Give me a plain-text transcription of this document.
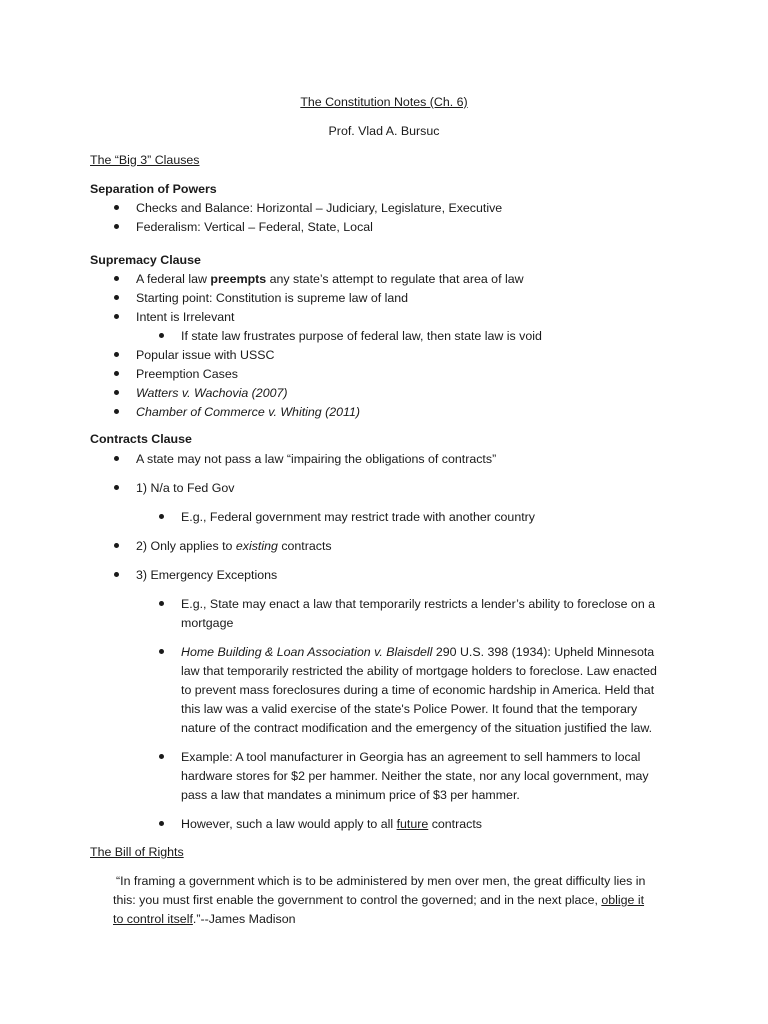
The Constitution Notes (Ch. 6)
Prof. Vlad A. Bursuc
The “Big 3” Clauses
Separation of Powers
Checks and Balance: Horizontal – Judiciary, Legislature, Executive
Federalism: Vertical – Federal, State, Local
Supremacy Clause
A federal law preempts any state’s attempt to regulate that area of law
Starting point: Constitution is supreme law of land
Intent is Irrelevant
If state law frustrates purpose of federal law, then state law is void
Popular issue with USSC
Preemption Cases
Watters v. Wachovia (2007)
Chamber of Commerce v. Whiting (2011)
Contracts Clause
A state may not pass a law “impairing the obligations of contracts”
1) N/a to Fed Gov
E.g., Federal government may restrict trade with another country
2) Only applies to existing contracts
3) Emergency Exceptions
E.g., State may enact a law that temporarily restricts a lender’s ability to foreclose on a
mortgage
Home Building & Loan Association v. Blaisdell 290 U.S. 398 (1934): Upheld Minnesota
law that temporarily restricted the ability of mortgage holders to foreclose. Law enacted
to prevent mass foreclosures during a time of economic hardship in America. Held that
this law was a valid exercise of the state's Police Power. It found that the temporary
nature of the contract modification and the emergency of the situation justified the law.
Example: A tool manufacturer in Georgia has an agreement to sell hammers to local
hardware stores for $2 per hammer. Neither the state, nor any local government, may
pass a law that mandates a minimum price of $3 per hammer.
However, such a law would apply to all future contracts
The Bill of Rights
“In framing a government which is to be administered by men over men, the great difficulty lies in
this: you must first enable the government to control the governed; and in the next place, oblige it
to control itself.”--James Madison
